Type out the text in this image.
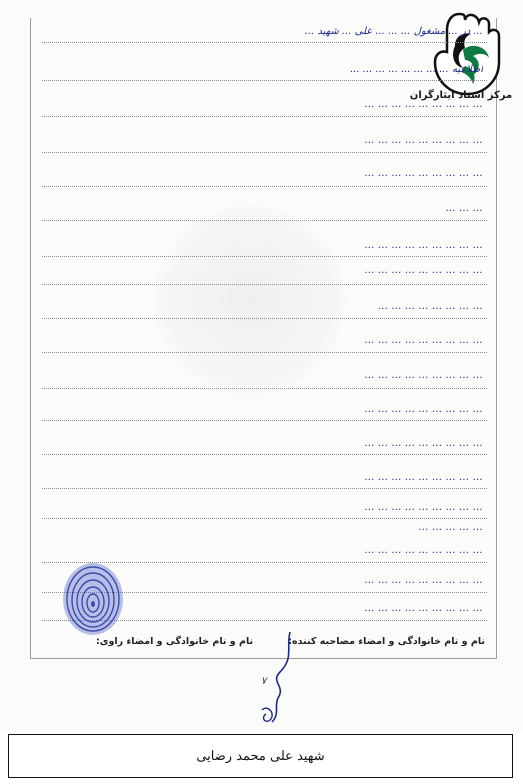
مرکز اسناد ایثارگران
... در ... مشغول ... ... ... علی ... شهید ...
اطلاعیه ... ... ... ... ... ... ... ...
... ... ... ... ... ... ... ... ...
... ... ... ... ... ... ... ... ...
... ... ... ... ... ... ... ... ...
... ... ...
... ... ... ... ... ... ... ... ...
... ... ... ... ... ... ... ... ...
... ... ... ... ... ... ... ...
... ... ... ... ... ... ... ... ...
... ... ... ... ... ... ... ... ...
... ... ... ... ... ... ... ... ...
... ... ... ... ... ... ... ... ...
... ... ... ... ... ... ... ... ...
... ... ... ... ... ... ... ... ...
... ... ... ... ...
... ... ... ... ... ... ... ... ...
... ... ... ... ... ... ... ... ...
... ... ... ... ... ... ... ... ...
نام و نام خانوادگی و امضاء مصاحبه کننده:
نام و نام خانوادگی و امضاء راوی:
۷
شهید علی محمد رضایی
